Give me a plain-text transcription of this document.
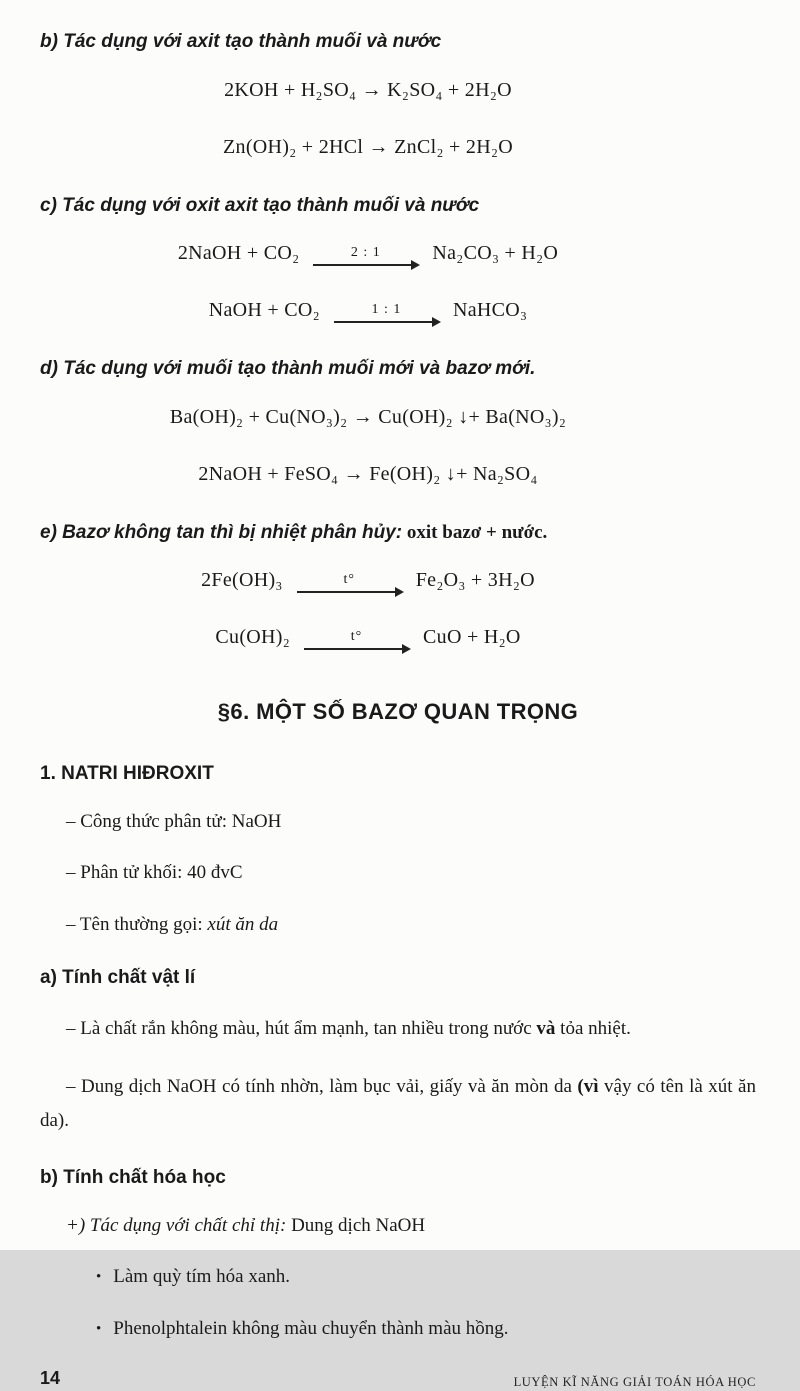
b) Tác dụng với axit tạo thành muối và nước
2KOH + H₂SO₄ → K₂SO₄ + 2H₂O
Zn(OH)₂ + 2HCl → ZnCl₂ + 2H₂O
c) Tác dụng với oxit axit tạo thành muối và nước
2NaOH + CO₂	2 : 1	Na₂CO₃ + H₂O
NaOH + CO₂	1 : 1	NaHCO₃
d) Tác dụng với muối tạo thành muối mới và bazơ mới.
Ba(OH)₂ + Cu(NO₃)₂ → Cu(OH)₂ ↓+ Ba(NO₃)₂
2NaOH + FeSO₄ → Fe(OH)₂ ↓+ Na₂SO₄
e) Bazơ không tan thì bị nhiệt phân hủy: oxit bazơ + nước.
2Fe(OH)₃	t°	Fe₂O₃ + 3H₂O
Cu(OH)₂	t°	CuO + H₂O
§6. MỘT SỐ BAZƠ QUAN TRỌNG
1. NATRI HIĐROXIT
– Công thức phân tử: NaOH
– Phân tử khối: 40 đvC
– Tên thường gọi: xút ăn da
a) Tính chất vật lí

– Là chất rắn không màu, hút ẩm mạnh, tan nhiều trong nước và tỏa nhiệt.

– Dung dịch NaOH có tính nhờn, làm bục vải, giấy và ăn mòn da (vì vậy có tên là xút ăn da).

b) Tính chất hóa học
+) Tác dụng với chất chỉ thị: Dung dịch NaOH
• Làm quỳ tím hóa xanh.
• Phenolphtalein không màu chuyển thành màu hồng.
14	LUYỆN KĨ NĂNG GIẢI TOÁN HÓA HỌC
